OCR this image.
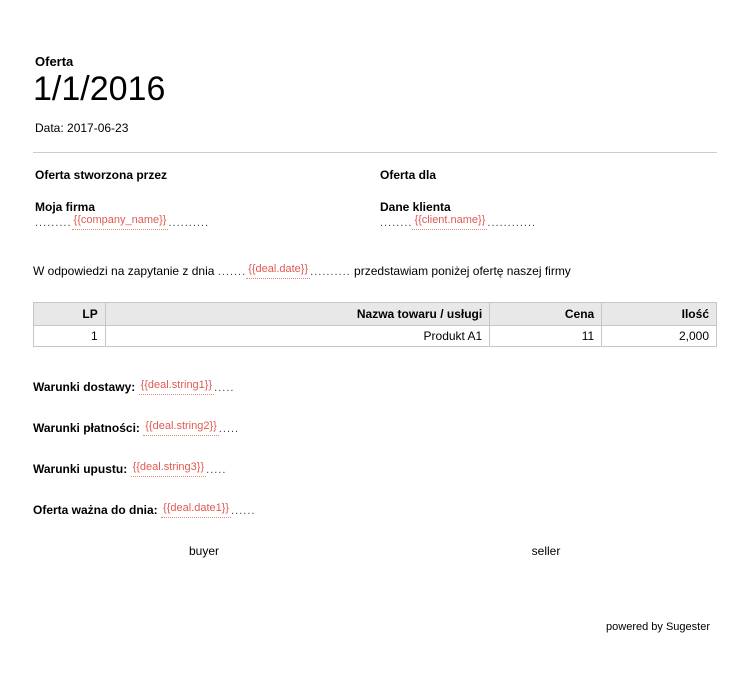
Oferta
1/1/2016
Data: 2017-06-23
Oferta stworzona przez
Moja firma
......... {{company_name}} ..........
Oferta dla
Dane klienta
........ {{client.name}} ............
W odpowiedzi na zapytanie z dnia ....... {{deal.date}} .......... przedstawiam poniżej ofertę naszej firmy
LP	Nazwa towaru / usługi	Cena	Ilość
1	Produkt A1	11	2,000
Warunki dostawy: {{deal.string1}} .....
Warunki płatności: {{deal.string2}} .....
Warunki upustu: {{deal.string3}} .....
Oferta ważna do dnia: {{deal.date1}} ......
buyer	seller
powered by Sugester
